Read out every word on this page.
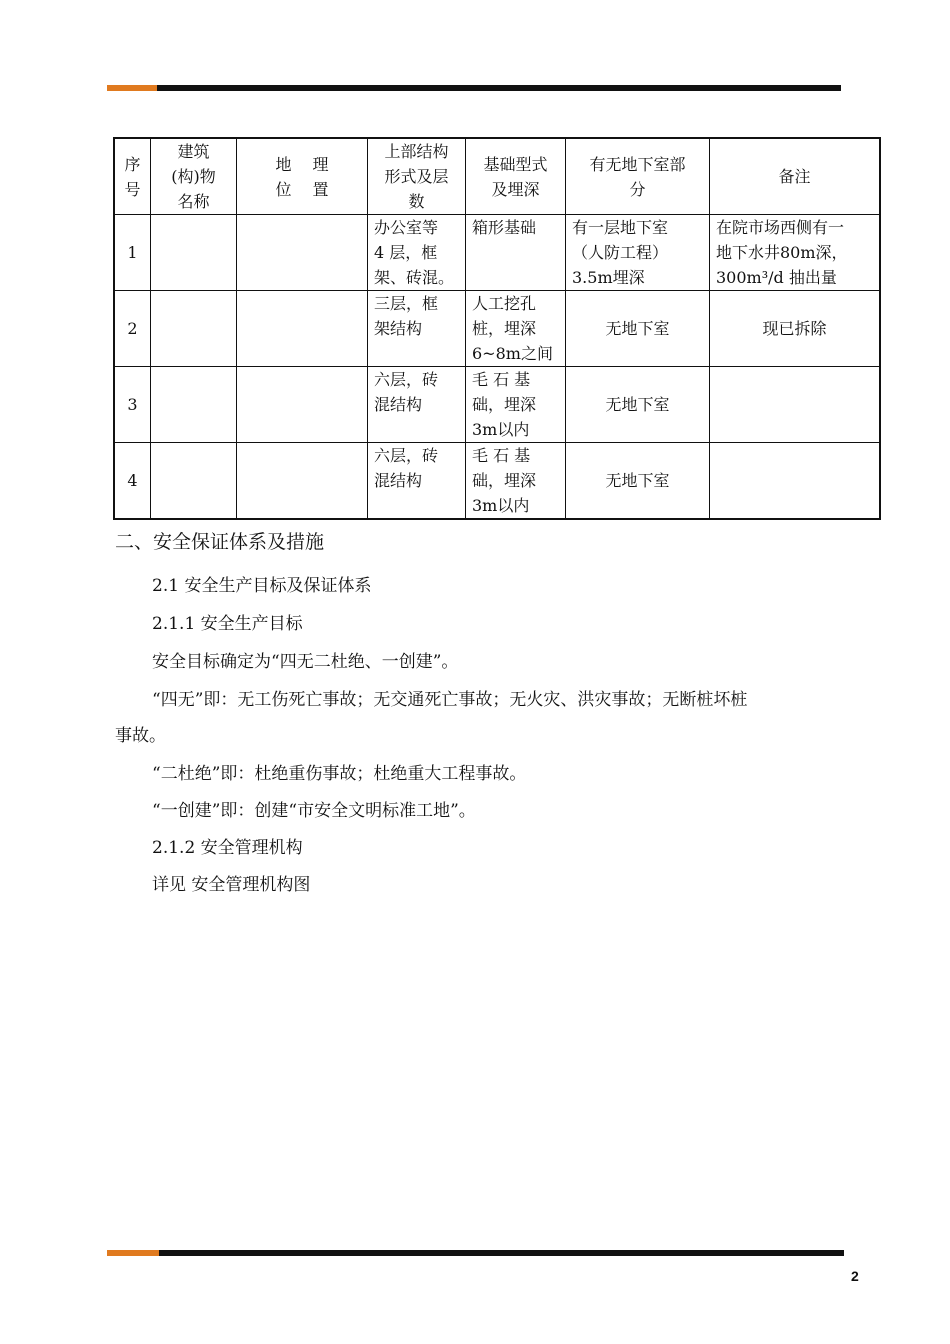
序
号	建筑
(构)物
名称	地　 理
位　 置	上部结构
形式及层
数	基础型式
及埋深	有无地下室部
分	备注

1			办公室等
4 层，框
架、砖混。	箱形基础	有一层地下室
（人防工程）
3.5m埋深	在院市场西侧有一
地下水井80m深，
300m³/d 抽出量

2			三层，框
架结构	人工挖孔
桩，埋深
6~8m之间	无地下室	现已拆除

3			六层，砖
混结构	毛 石 基
础，埋深
3m以内	无地下室	

4			六层，砖
混结构	毛 石 基
础，埋深
3m以内	无地下室	

二、安全保证体系及措施
2.1 安全生产目标及保证体系
2.1.1 安全生产目标
安全目标确定为“四无二杜绝、一创建”。
“四无”即：无工伤死亡事故；无交通死亡事故；无火灾、洪灾事故；无断桩坏桩
事故。
“二杜绝”即：杜绝重伤事故；杜绝重大工程事故。
“一创建”即：创建“市安全文明标准工地”。
2.1.2 安全管理机构
详见 安全管理机构图
2
